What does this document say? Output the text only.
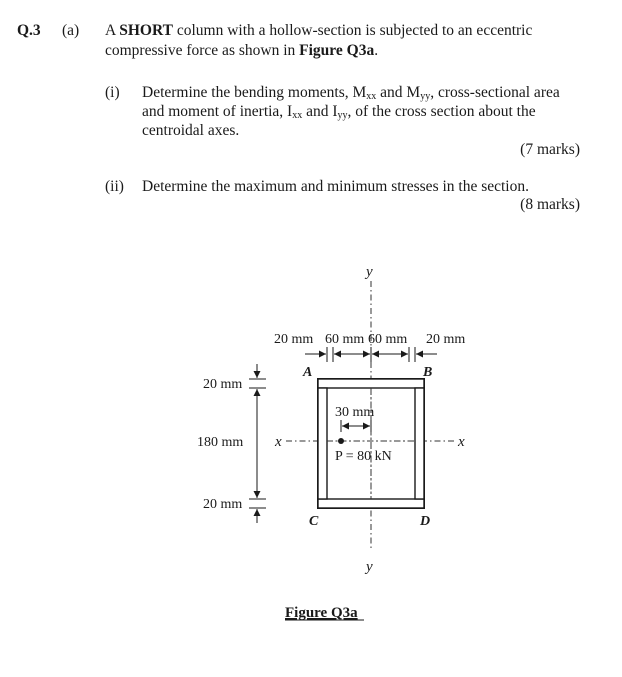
Q.3 (a) A SHORT column with a hollow-section is subjected to an eccentric
compressive force as shown in Figure Q3a.
(i) Determine the bending moments, $M_{xx}$ and $M_{yy}$, cross-sectional area
and moment of inertia, $I_{xx}$ and $I_{yy}$, of the cross section about the
centroidal axes.
(7 marks)
(ii) Determine the maximum and minimum stresses in the section.
(8 marks)
y
y
x	x
A	B
C	D
P = 80 kN
30 mm
20 mm 60 mm 60 mm 20 mm
20 mm
180 mm
20 mm
Figure Q3a
